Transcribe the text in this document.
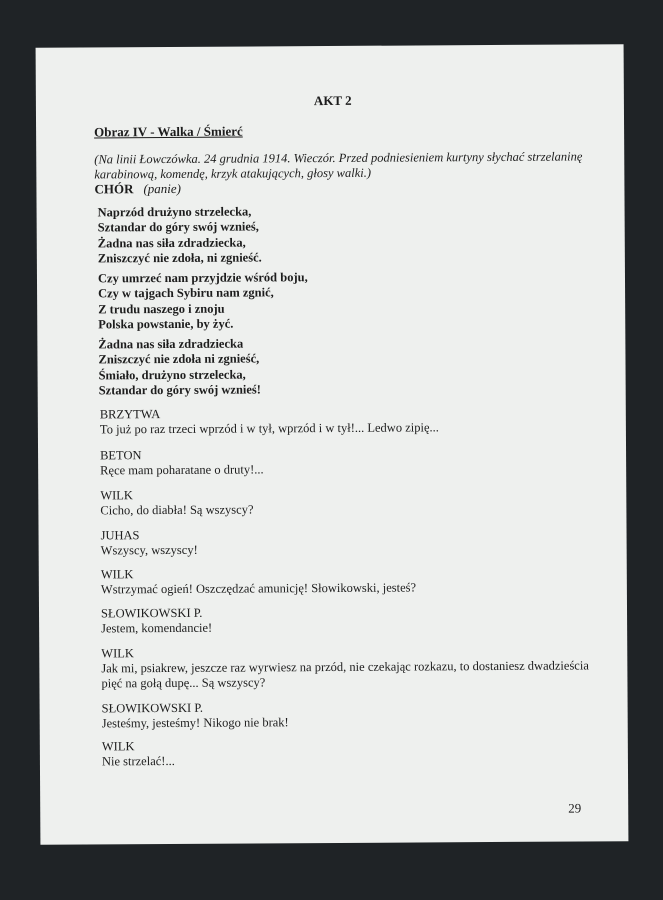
AKT 2
Obraz IV - Walka / Śmierć
(Na linii Łowczówka. 24 grudnia 1914. Wieczór. Przed podniesieniem kurtyny słychać strzelaninę
karabinową, komendę, krzyk atakujących, głosy walki.)
CHÓR (panie)
Naprzód drużyno strzelecka,
Sztandar do góry swój wznieś,
Żadna nas siła zdradziecka,
Zniszczyć nie zdoła, ni zgnieść.
Czy umrzeć nam przyjdzie wśród boju,
Czy w tajgach Sybiru nam zgnić,
Z trudu naszego i znoju
Polska powstanie, by żyć.
Żadna nas siła zdradziecka
Zniszczyć nie zdoła ni zgnieść,
Śmiało, drużyno strzelecka,
Sztandar do góry swój wznieś!
BRZYTWA
To już po raz trzeci wprzód i w tył, wprzód i w tył!... Ledwo zipię...
BETON
Ręce mam poharatane o druty!...
WILK
Cicho, do diabła! Są wszyscy?
JUHAS
Wszyscy, wszyscy!
WILK
Wstrzymać ogień! Oszczędzać amunicję! Słowikowski, jesteś?
SŁOWIKOWSKI P.
Jestem, komendancie!
WILK
Jak mi, psiakrew, jeszcze raz wyrwiesz na przód, nie czekając rozkazu, to dostaniesz dwadzieścia
pięć na gołą dupę... Są wszyscy?
SŁOWIKOWSKI P.
Jesteśmy, jesteśmy! Nikogo nie brak!
WILK
Nie strzelać!...
29
